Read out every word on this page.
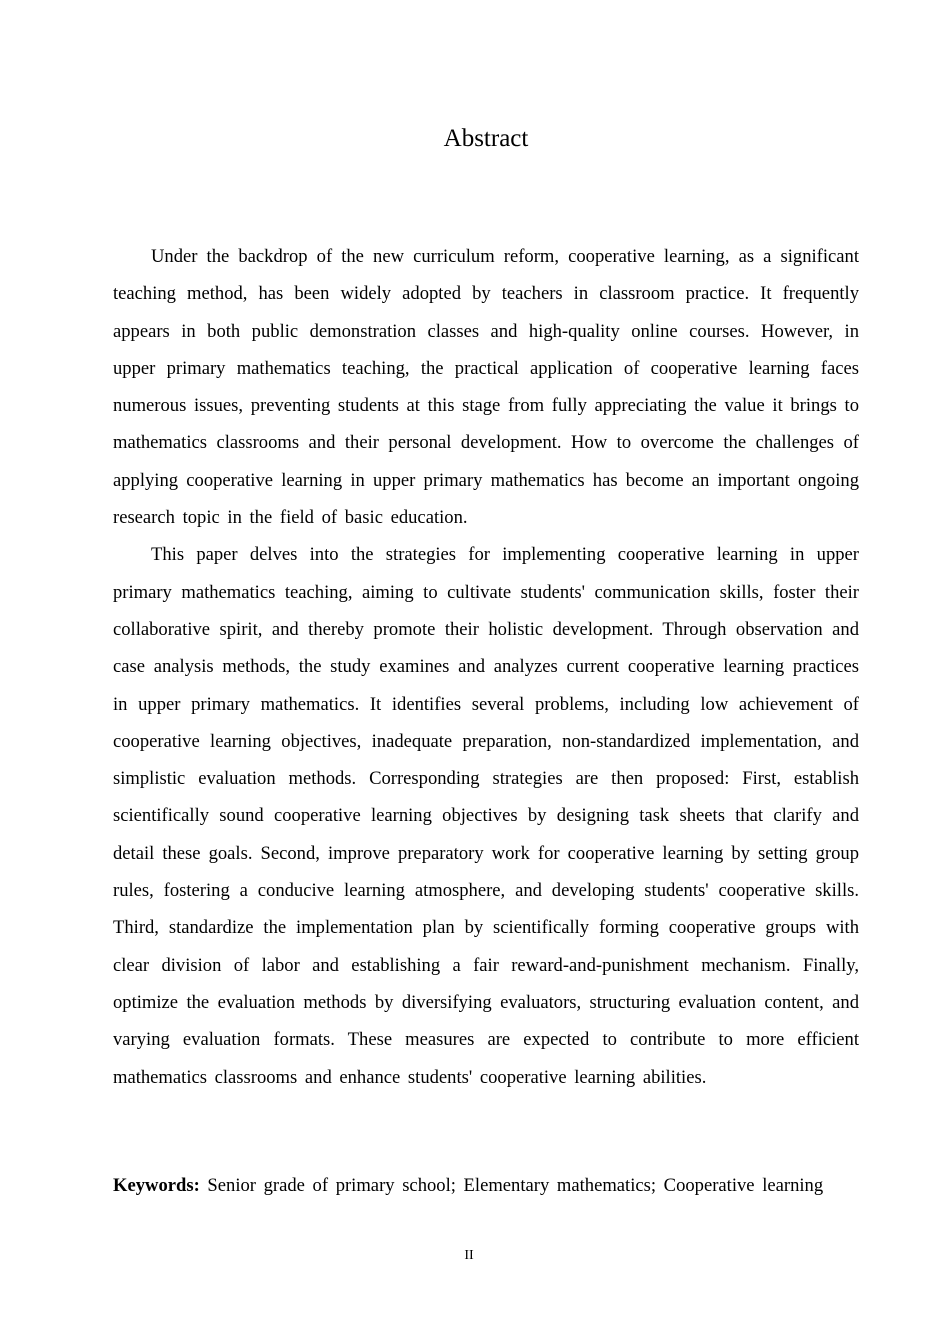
Abstract

Under the backdrop of the new curriculum reform, cooperative learning, as a significant teaching method, has been widely adopted by teachers in classroom practice. It frequently appears in both public demonstration classes and high-quality online courses. However, in upper primary mathematics teaching, the practical application of cooperative learning faces numerous issues, preventing students at this stage from fully appreciating the value it brings to mathematics classrooms and their personal development. How to overcome the challenges of applying cooperative learning in upper primary mathematics has become an important ongoing research topic in the field of basic education.

This paper delves into the strategies for implementing cooperative learning in upper primary mathematics teaching, aiming to cultivate students' communication skills, foster their collaborative spirit, and thereby promote their holistic development. Through observation and case analysis methods, the study examines and analyzes current cooperative learning practices in upper primary mathematics. It identifies several problems, including low achievement of cooperative learning objectives, inadequate preparation, non-standardized implementation, and simplistic evaluation methods. Corresponding strategies are then proposed: First, establish scientifically sound cooperative learning objectives by designing task sheets that clarify and detail these goals. Second, improve preparatory work for cooperative learning by setting group rules, fostering a conducive learning atmosphere, and developing students' cooperative skills. Third, standardize the implementation plan by scientifically forming cooperative groups with clear division of labor and establishing a fair reward-and-punishment mechanism. Finally, optimize the evaluation methods by diversifying evaluators, structuring evaluation content, and varying evaluation formats. These measures are expected to contribute to more efficient mathematics classrooms and enhance students' cooperative learning abilities.

Keywords: Senior grade of primary school; Elementary mathematics; Cooperative learning
II
